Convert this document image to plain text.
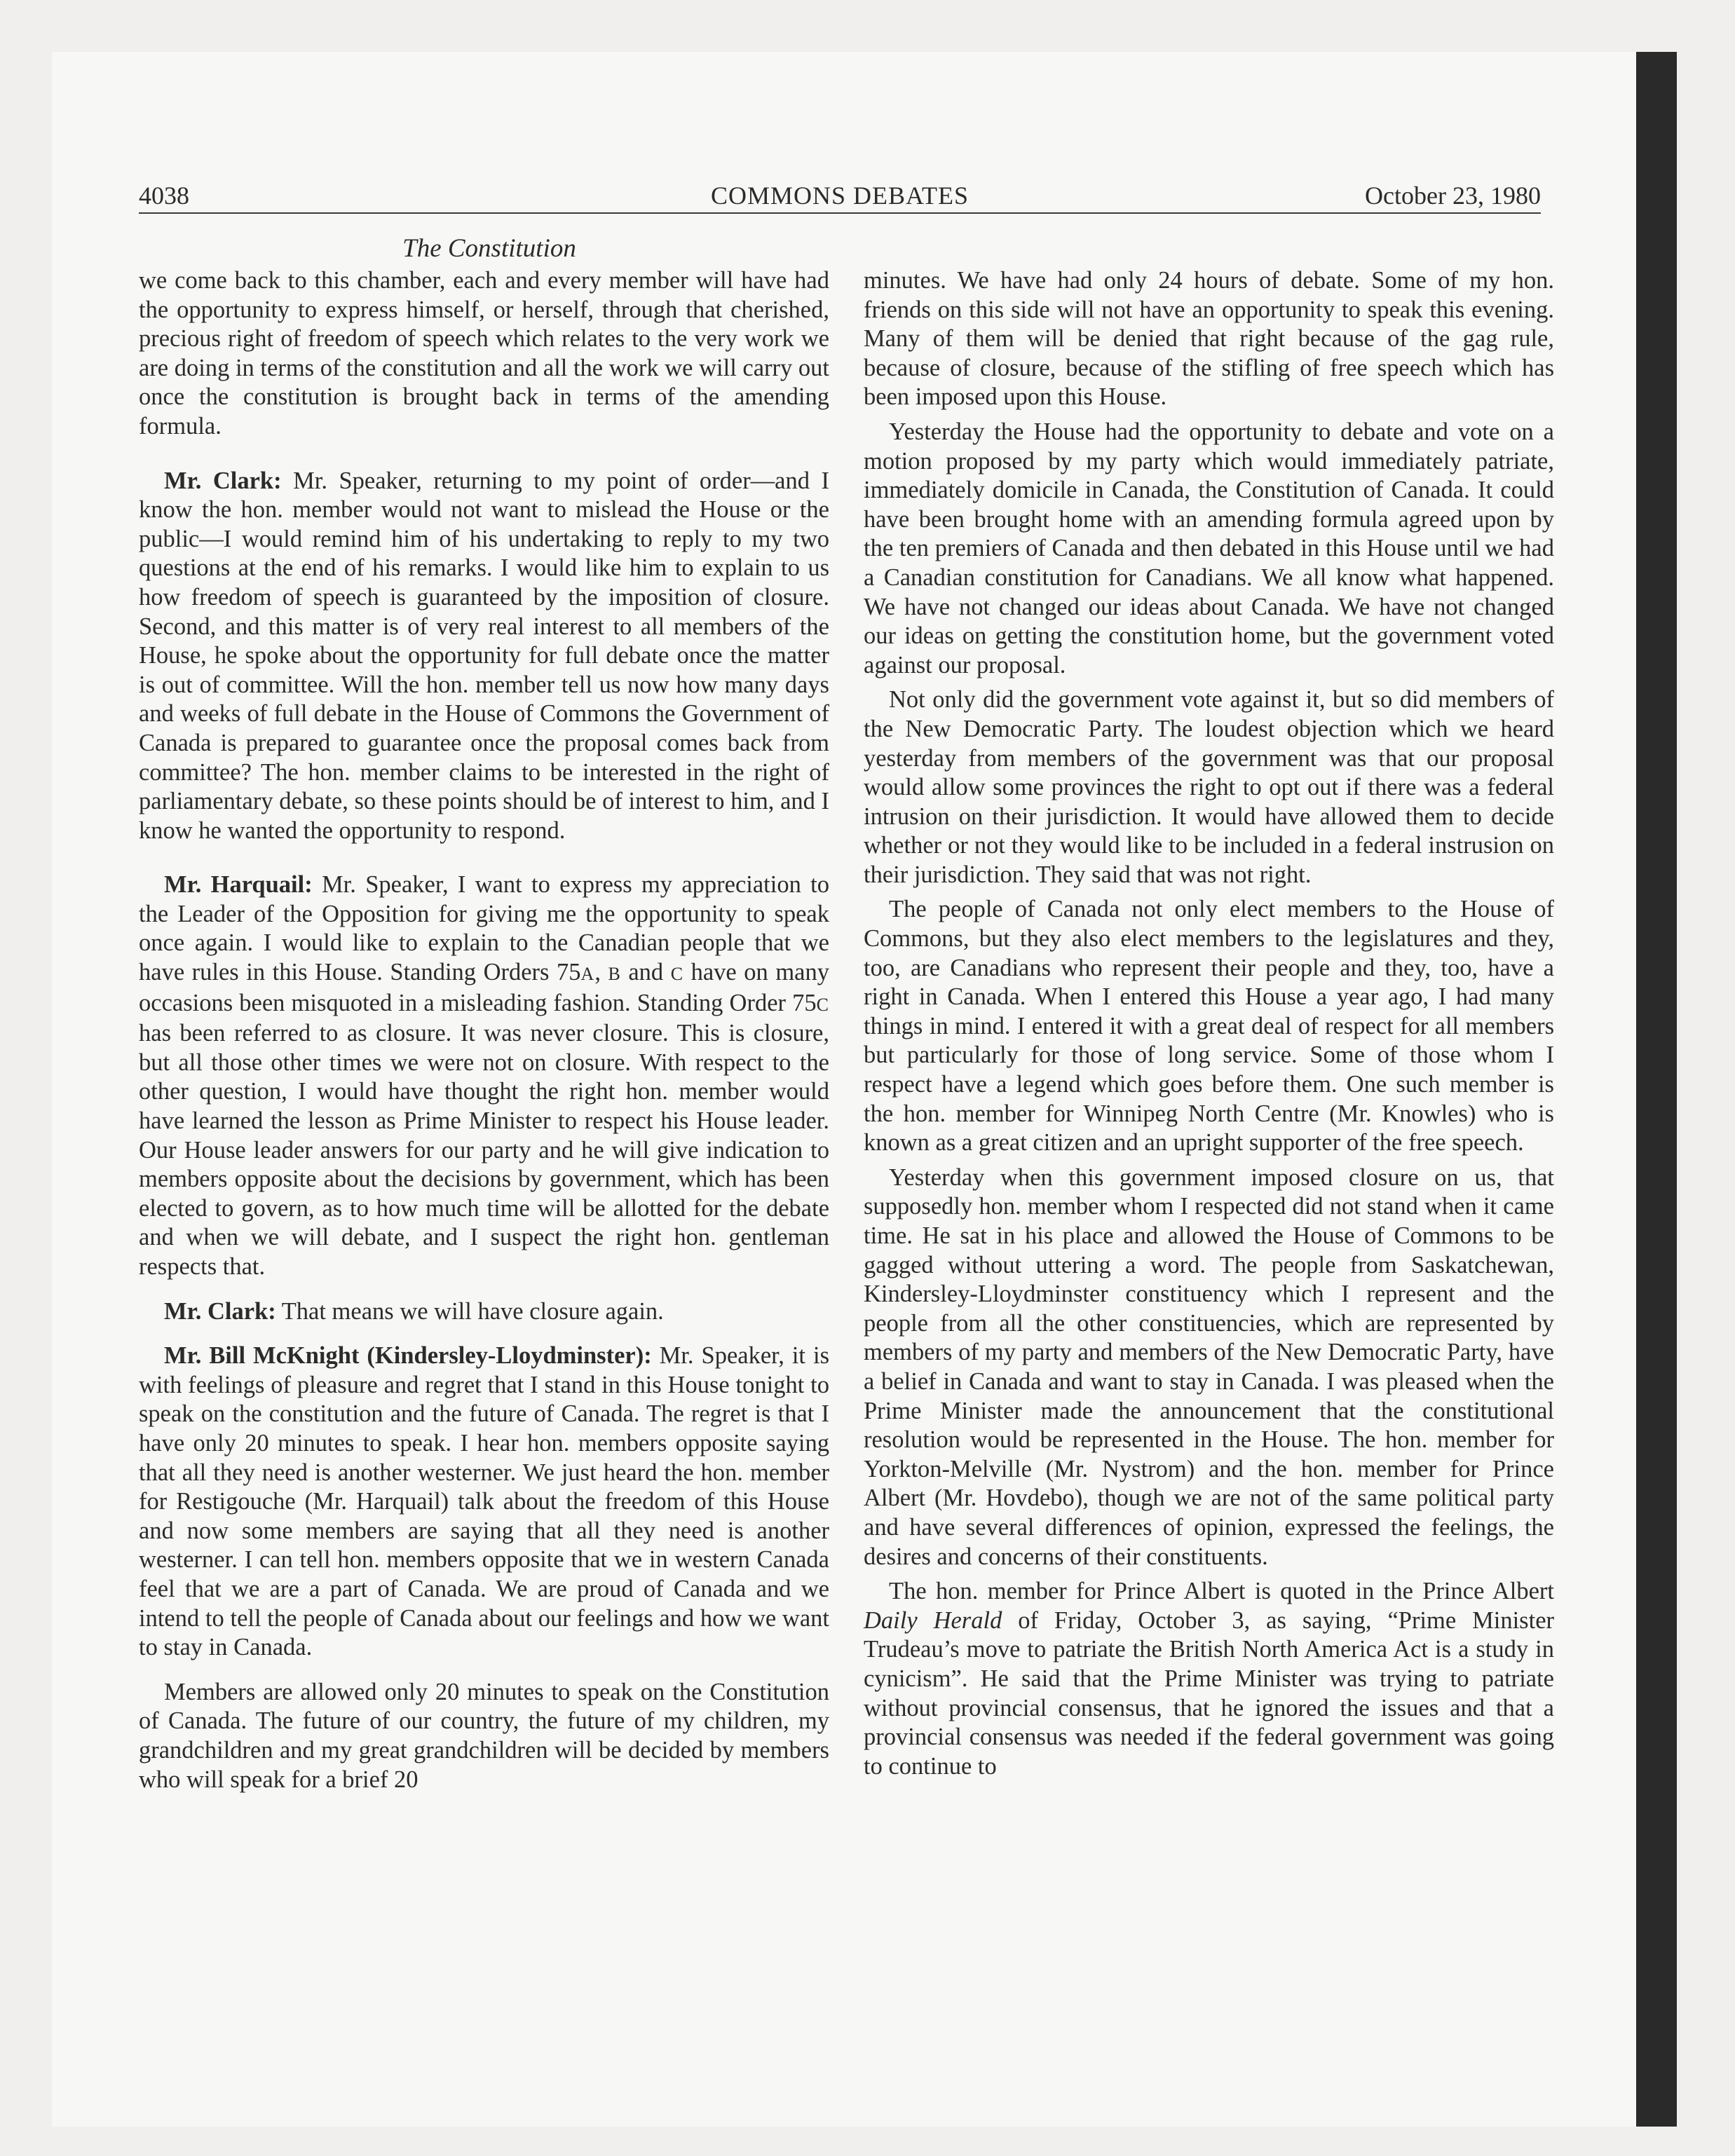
4038	COMMONS DEBATES	October 23, 1980
The Constitution

we come back to this chamber, each and every member will have had the opportunity to express himself, or herself, through that cherished, precious right of freedom of speech which relates to the very work we are doing in terms of the constitution and all the work we will carry out once the constitution is brought back in terms of the amending formula.

Mr. Clark: Mr. Speaker, returning to my point of order—and I know the hon. member would not want to mislead the House or the public—I would remind him of his undertaking to reply to my two questions at the end of his remarks. I would like him to explain to us how freedom of speech is guaranteed by the imposition of closure. Second, and this matter is of very real interest to all members of the House, he spoke about the opportunity for full debate once the matter is out of committee. Will the hon. member tell us now how many days and weeks of full debate in the House of Commons the Government of Canada is prepared to guarantee once the proposal comes back from committee? The hon. member claims to be interested in the right of parliamentary debate, so these points should be of interest to him, and I know he wanted the opportunity to respond.

Mr. Harquail: Mr. Speaker, I want to express my appreciation to the Leader of the Opposition for giving me the opportunity to speak once again. I would like to explain to the Canadian people that we have rules in this House. Standing Orders 75A, B and C have on many occasions been misquoted in a misleading fashion. Standing Order 75C has been referred to as closure. It was never closure. This is closure, but all those other times we were not on closure. With respect to the other question, I would have thought the right hon. member would have learned the lesson as Prime Minister to respect his House leader. Our House leader answers for our party and he will give indication to members opposite about the decisions by government, which has been elected to govern, as to how much time will be allotted for the debate and when we will debate, and I suspect the right hon. gentleman respects that.

Mr. Clark: That means we will have closure again.

Mr. Bill McKnight (Kindersley-Lloydminster): Mr. Speaker, it is with feelings of pleasure and regret that I stand in this House tonight to speak on the constitution and the future of Canada. The regret is that I have only 20 minutes to speak. I hear hon. members opposite saying that all they need is another westerner. We just heard the hon. member for Restigouche (Mr. Harquail) talk about the freedom of this House and now some members are saying that all they need is another westerner. I can tell hon. members opposite that we in western Canada feel that we are a part of Canada. We are proud of Canada and we intend to tell the people of Canada about our feelings and how we want to stay in Canada.

Members are allowed only 20 minutes to speak on the Constitution of Canada. The future of our country, the future of my children, my grandchildren and my great grandchildren will be decided by members who will speak for a brief 20

minutes. We have had only 24 hours of debate. Some of my hon. friends on this side will not have an opportunity to speak this evening. Many of them will be denied that right because of the gag rule, because of closure, because of the stifling of free speech which has been imposed upon this House.

Yesterday the House had the opportunity to debate and vote on a motion proposed by my party which would immediately patriate, immediately domicile in Canada, the Constitution of Canada. It could have been brought home with an amending formula agreed upon by the ten premiers of Canada and then debated in this House until we had a Canadian constitution for Canadians. We all know what happened. We have not changed our ideas about Canada. We have not changed our ideas on getting the constitution home, but the government voted against our proposal.

Not only did the government vote against it, but so did members of the New Democratic Party. The loudest objection which we heard yesterday from members of the government was that our proposal would allow some provinces the right to opt out if there was a federal intrusion on their jurisdiction. It would have allowed them to decide whether or not they would like to be included in a federal instrusion on their jurisdiction. They said that was not right.

The people of Canada not only elect members to the House of Commons, but they also elect members to the legislatures and they, too, are Canadians who represent their people and they, too, have a right in Canada. When I entered this House a year ago, I had many things in mind. I entered it with a great deal of respect for all members but particularly for those of long service. Some of those whom I respect have a legend which goes before them. One such member is the hon. member for Winnipeg North Centre (Mr. Knowles) who is known as a great citizen and an upright supporter of the free speech.

Yesterday when this government imposed closure on us, that supposedly hon. member whom I respected did not stand when it came time. He sat in his place and allowed the House of Commons to be gagged without uttering a word. The people from Saskatchewan, Kindersley-Lloydminster constituency which I represent and the people from all the other constituencies, which are represented by members of my party and members of the New Democratic Party, have a belief in Canada and want to stay in Canada. I was pleased when the Prime Minister made the announcement that the constitutional resolution would be represented in the House. The hon. member for Yorkton-Melville (Mr. Nystrom) and the hon. member for Prince Albert (Mr. Hovdebo), though we are not of the same political party and have several differences of opinion, expressed the feelings, the desires and concerns of their constituents.

The hon. member for Prince Albert is quoted in the Prince Albert Daily Herald of Friday, October 3, as saying, “Prime Minister Trudeau’s move to patriate the British North America Act is a study in cynicism”. He said that the Prime Minister was trying to patriate without provincial consensus, that he ignored the issues and that a provincial consensus was needed if the federal government was going to continue to
